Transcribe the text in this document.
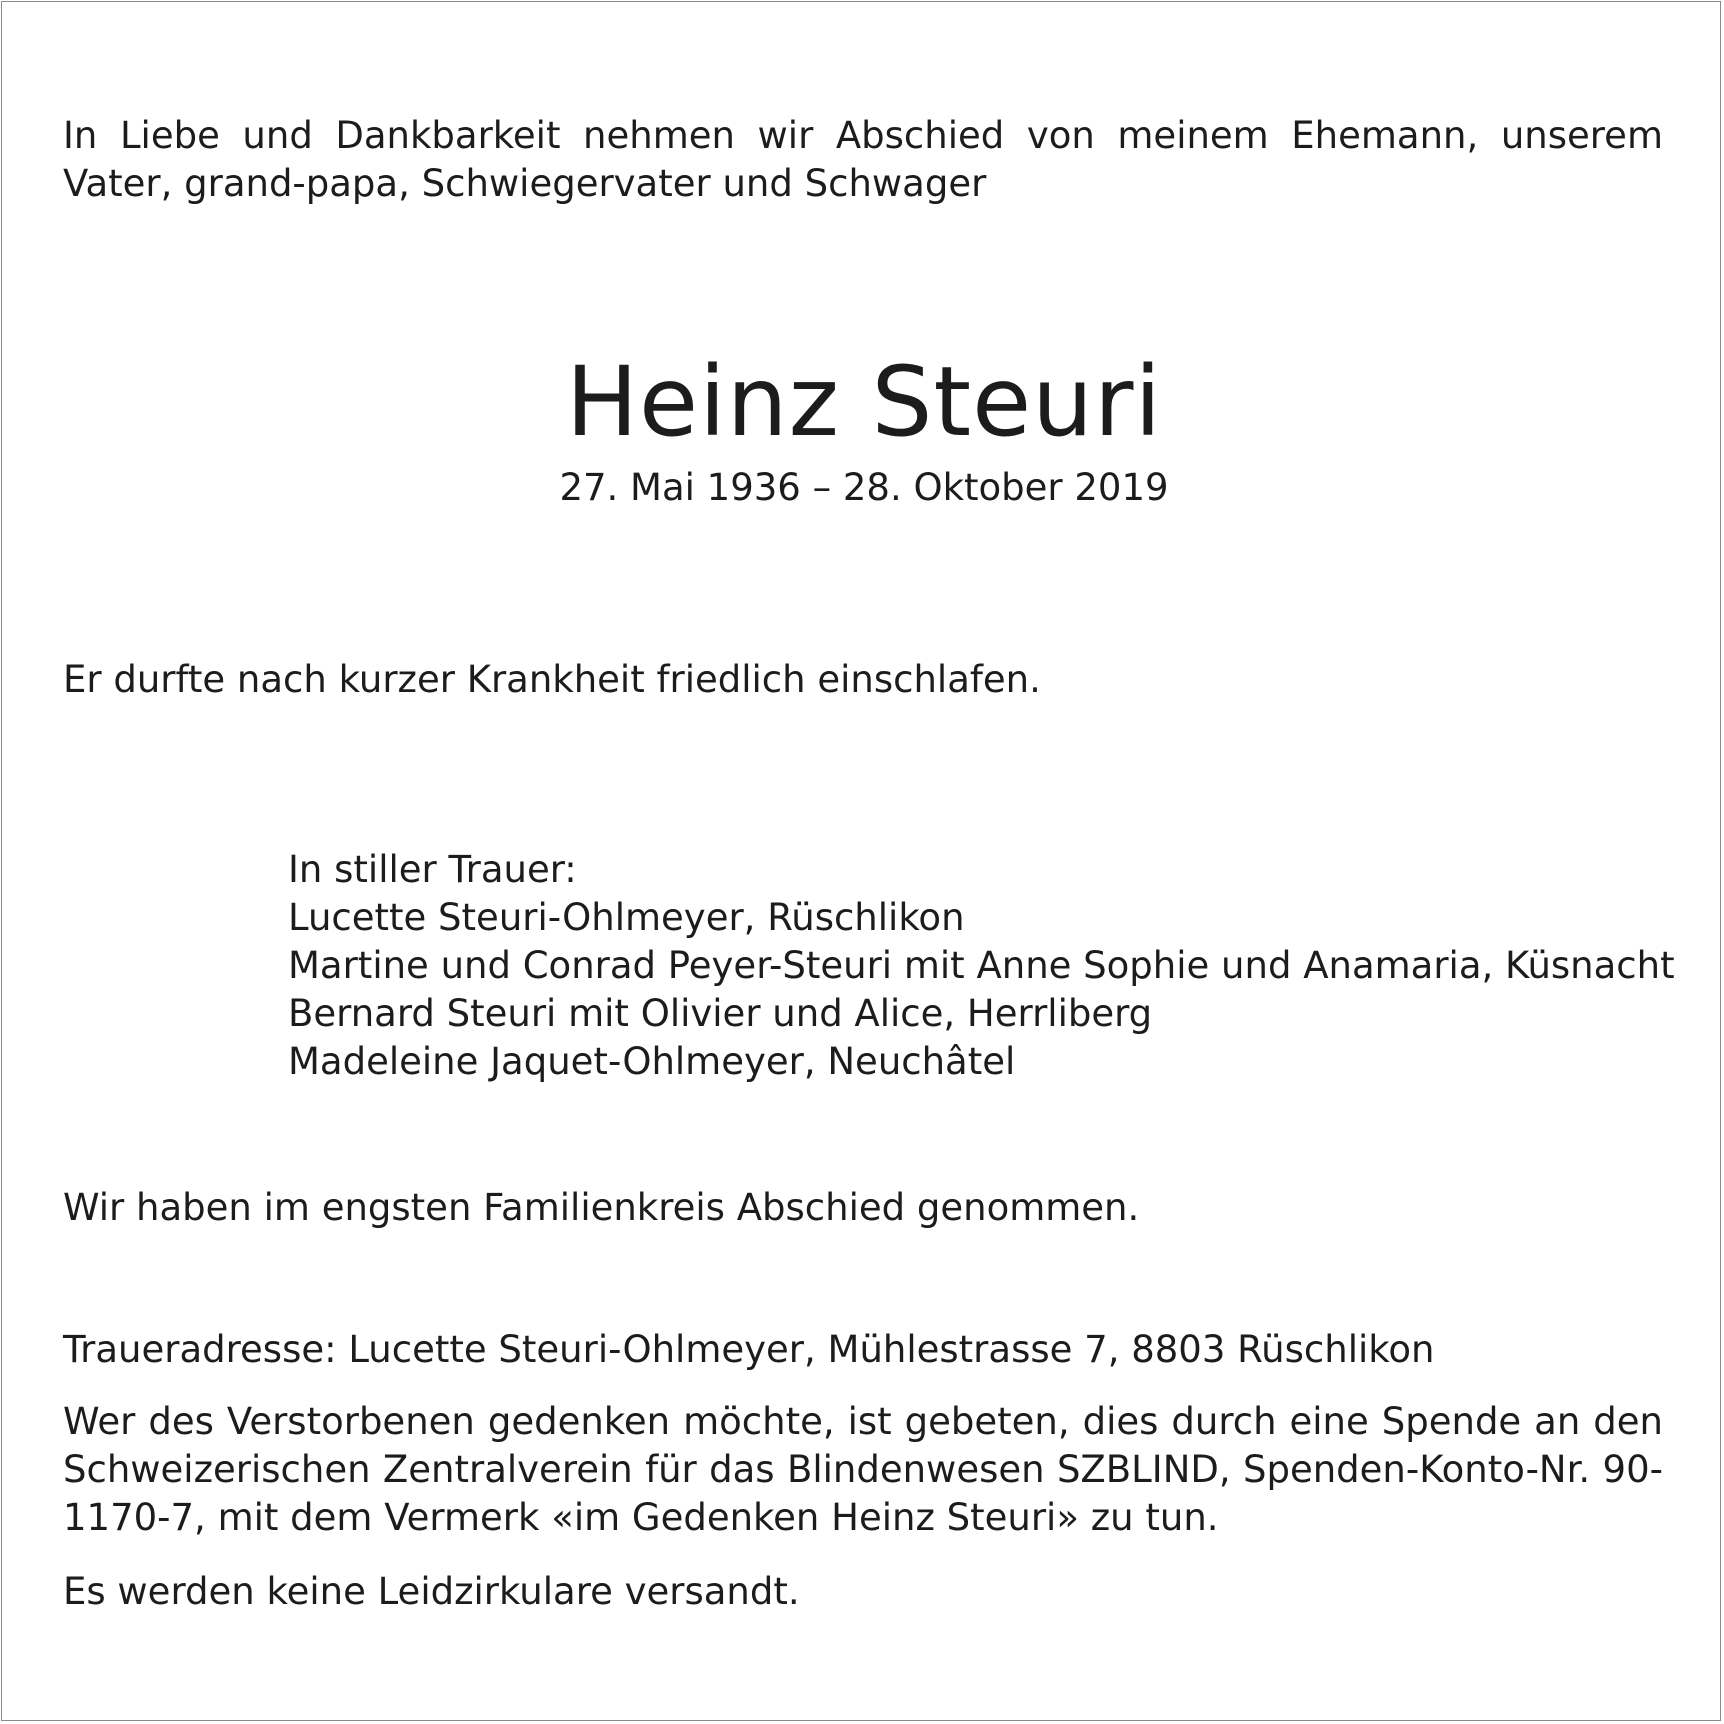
In Liebe und Dankbarkeit nehmen wir Abschied von meinem Ehemann, unserem Vater, grand-papa, Schwiegervater und Schwager

Heinz Steuri

27. Mai 1936 – 28. Oktober 2019

Er durfte nach kurzer Krankheit friedlich einschlafen.

In stiller Trauer:
Lucette Steuri-Ohlmeyer, Rüschlikon
Martine und Conrad Peyer-Steuri mit Anne Sophie und Anamaria, Küsnacht
Bernard Steuri mit Olivier und Alice, Herrliberg
Madeleine Jaquet-Ohlmeyer, Neuchâtel

Wir haben im engsten Familienkreis Abschied genommen.

Traueradresse: Lucette Steuri-Ohlmeyer, Mühlestrasse 7, 8803 Rüschlikon

Wer des Verstorbenen gedenken möchte, ist gebeten, dies durch eine Spende an den Schweizerischen Zentralverein für das Blindenwesen SZBLIND, Spenden-Konto-Nr. 90-1170-7, mit dem Vermerk «im Gedenken Heinz Steuri» zu tun.

Es werden keine Leidzirkulare versandt.
